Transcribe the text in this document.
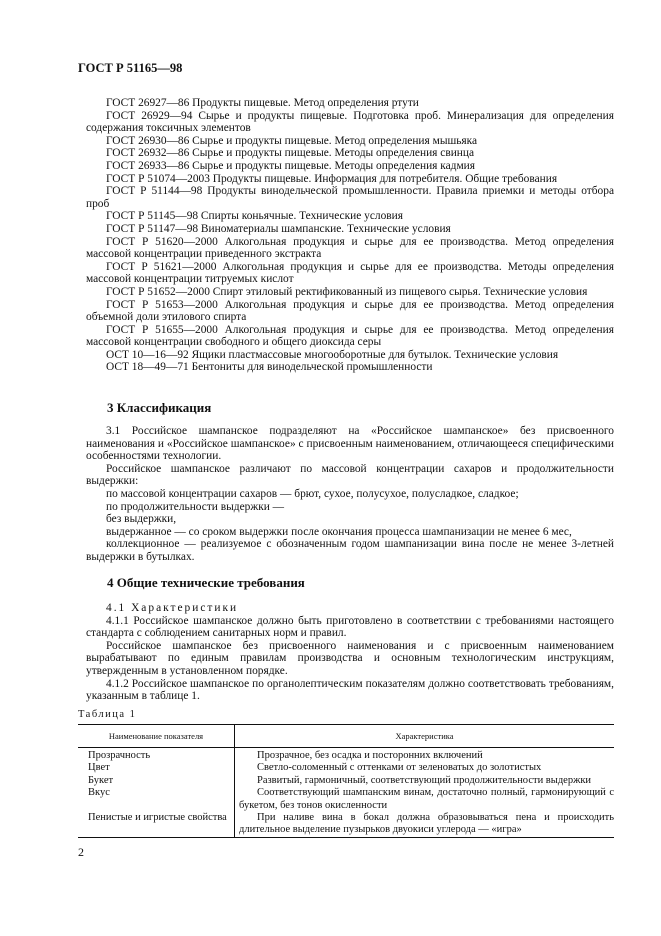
ГОСТ Р 51165—98

ГОСТ 26927—86 Продукты пищевые. Метод определения ртути

ГОСТ 26929—94 Сырье и продукты пищевые. Подготовка проб. Минерализация для определения содержания токсичных элементов

ГОСТ 26930—86 Сырье и продукты пищевые. Метод определения мышьяка

ГОСТ 26932—86 Сырье и продукты пищевые. Методы определения свинца

ГОСТ 26933—86 Сырье и продукты пищевые. Методы определения кадмия

ГОСТ Р 51074—2003 Продукты пищевые. Информация для потребителя. Общие требования

ГОСТ Р 51144—98 Продукты винодельческой промышленности. Правила приемки и методы отбора проб

ГОСТ Р 51145—98 Спирты коньячные. Технические условия

ГОСТ Р 51147—98 Виноматериалы шампанские. Технические условия

ГОСТ Р 51620—2000 Алкогольная продукция и сырье для ее производства. Метод определения массовой концентрации приведенного экстракта

ГОСТ Р 51621—2000 Алкогольная продукция и сырье для ее производства. Методы определения массовой концентрации титруемых кислот

ГОСТ Р 51652—2000 Спирт этиловый ректификованный из пищевого сырья. Технические условия

ГОСТ Р 51653—2000 Алкогольная продукция и сырье для ее производства. Метод определения объемной доли этилового спирта

ГОСТ Р 51655—2000 Алкогольная продукция и сырье для ее производства. Метод определения массовой концентрации свободного и общего диоксида серы

ОСТ 10—16—92 Ящики пластмассовые многооборотные для бутылок. Технические условия

ОСТ 18—49—71 Бентониты для винодельческой промышленности

3 Классификация

3.1 Российское шампанское подразделяют на «Российское шампанское» без присвоенного наименования и «Российское шампанское» с присвоенным наименованием, отличающееся специфическими особенностями технологии.

Российское шампанское различают по массовой концентрации сахаров и продолжительности выдержки:

по массовой концентрации сахаров — брют, сухое, полусухое, полусладкое, сладкое;

по продолжительности выдержки —

без выдержки,

выдержанное — со сроком выдержки после окончания процесса шампанизации не менее 6 мес,

коллекционное — реализуемое с обозначенным годом шампанизации вина после не менее 3-летней выдержки в бутылках.

4 Общие технические требования

4.1 Характеристики

4.1.1 Российское шампанское должно быть приготовлено в соответствии с требованиями настоящего стандарта с соблюдением санитарных норм и правил.

Российское шампанское без присвоенного наименования и с присвоенным наименованием вырабатывают по единым правилам производства и основным технологическим инструкциям, утвержденным в установленном порядке.

4.1.2 Российское шампанское по органолептическим показателям должно соответствовать требованиям, указанным в таблице 1.

Таблица 1
Наименование показателя	Характеристика
Прозрачность	Прозрачное, без осадка и посторонних включений

Цвет	Светло-соломенный с оттенками от зеленоватых до золотистых

Букет	Развитый, гармоничный, соответствующий продолжительности выдержки

Вкус	Соответствующий шампанским винам, достаточно полный, гармонирующий с букетом, без тонов окисленности

Пенистые и игристые свойства	При наливе вина в бокал должна образовываться пена и происходить длительное выделение пузырьков двуокиси углерода — «игра»
2
